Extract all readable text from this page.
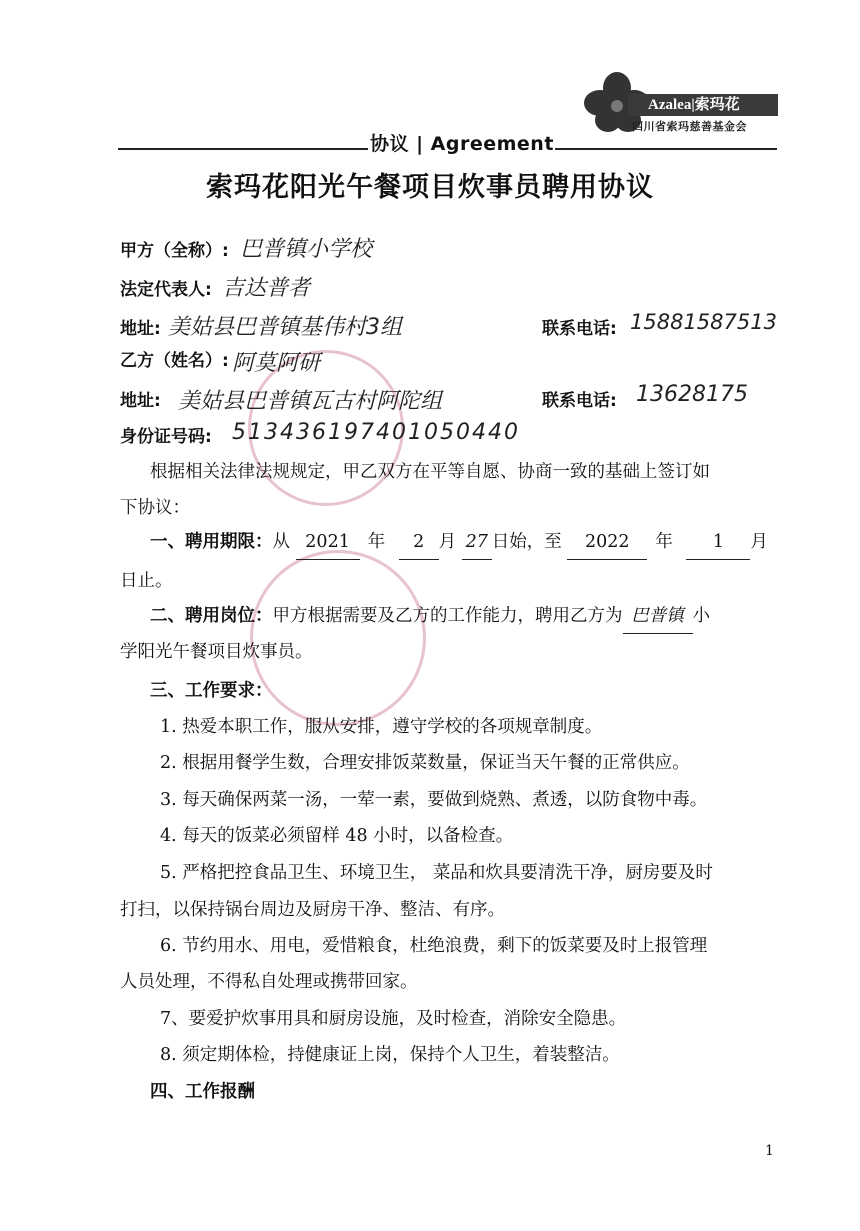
Azalea|索玛花
四川省索玛慈善基金会
协议 | Agreement
索玛花阳光午餐项目炊事员聘用协议
甲方（全称）: 巴普镇小学校
法定代表人: 吉达普者
地址: 美姑县巴普镇基伟村3组	联系电话: 15881587513
乙方（姓名）: 阿莫阿研
地址: 美姑县巴普镇瓦古村阿陀组	联系电话: 13628175
身份证号码: 513436197401050440
根据相关法律法规规定，甲乙双方在平等自愿、协商一致的基础上签订如
下协议：
一、聘用期限：从 2021 年 2 月 27 日始，至 2022 年 1 月
日止。
二、聘用岗位：甲方根据需要及乙方的工作能力，聘用乙方为 巴普镇 小
学阳光午餐项目炊事员。
三、工作要求：
1. 热爱本职工作，服从安排，遵守学校的各项规章制度。
2. 根据用餐学生数，合理安排饭菜数量，保证当天午餐的正常供应。
3. 每天确保两菜一汤，一荤一素，要做到烧熟、煮透，以防食物中毒。
4. 每天的饭菜必须留样 48 小时，以备检查。
5. 严格把控食品卫生、环境卫生， 菜品和炊具要清洗干净，厨房要及时
打扫，以保持锅台周边及厨房干净、整洁、有序。
6. 节约用水、用电，爱惜粮食，杜绝浪费，剩下的饭菜要及时上报管理
人员处理，不得私自处理或携带回家。
7、要爱护炊事用具和厨房设施，及时检查，消除安全隐患。
8. 须定期体检，持健康证上岗，保持个人卫生，着装整洁。
四、工作报酬
1
